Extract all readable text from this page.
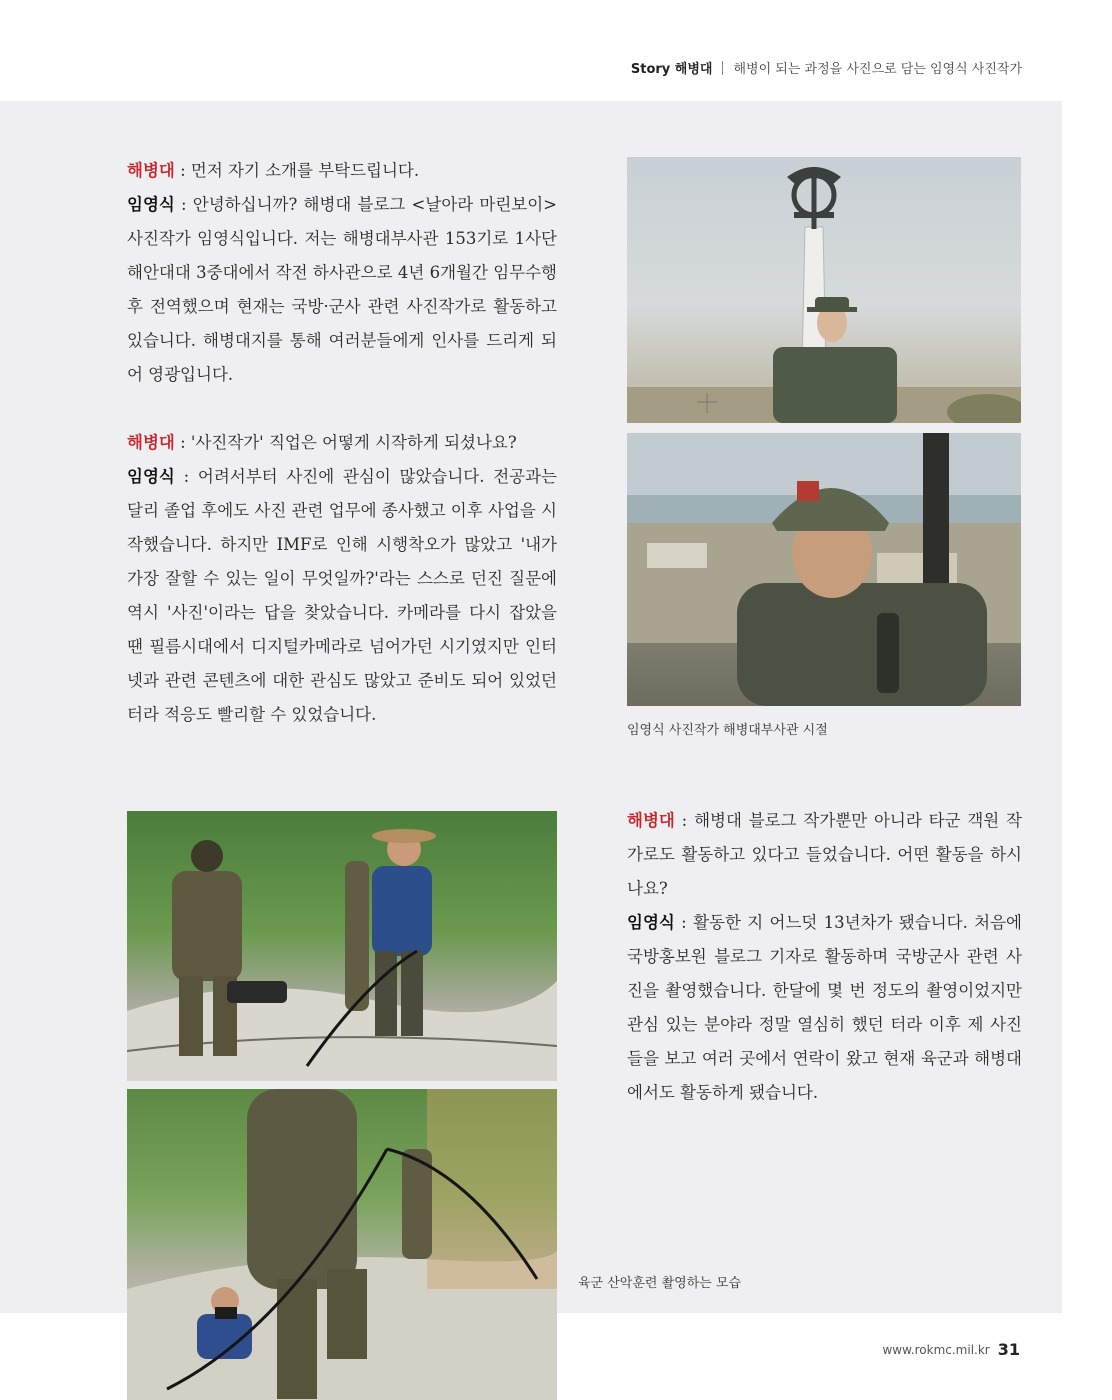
Story 해병대 해병이 되는 과정을 사진으로 담는 임영식 사진작가

해병대 : 먼저 자기 소개를 부탁드립니다.

임영식 : 안녕하십니까? 해병대 블로그 <날아라 마린보이> 사진작가 임영식입니다. 저는 해병대부사관 153기로 1사단 해안대대 3중대에서 작전 하사관으로 4년 6개월간 임무수행 후 전역했으며 현재는 국방·군사 관련 사진작가로 활동하고 있습니다. 해병대지를 통해 여러분들에게 인사를 드리게 되어 영광입니다.

해병대 : '사진작가' 직업은 어떻게 시작하게 되셨나요?

임영식 : 어려서부터 사진에 관심이 많았습니다. 전공과는 달리 졸업 후에도 사진 관련 업무에 종사했고 이후 사업을 시작했습니다. 하지만 IMF로 인해 시행착오가 많았고 '내가 가장 잘할 수 있는 일이 무엇일까?'라는 스스로 던진 질문에 역시 '사진'이라는 답을 찾았습니다. 카메라를 다시 잡았을 땐 필름시대에서 디지털카메라로 넘어가던 시기였지만 인터넷과 관련 콘텐츠에 대한 관심도 많았고 준비도 되어 있었던 터라 적응도 빨리할 수 있었습니다.

임영식 사진작가 해병대부사관 시절
육군 산악훈련 촬영하는 모습

해병대 : 해병대 블로그 작가뿐만 아니라 타군 객원 작가로도 활동하고 있다고 들었습니다. 어떤 활동을 하시나요?

임영식 : 활동한 지 어느덧 13년차가 됐습니다. 처음에 국방홍보원 블로그 기자로 활동하며 국방군사 관련 사진을 촬영했습니다. 한달에 몇 번 정도의 촬영이었지만 관심 있는 분야라 정말 열심히 했던 터라 이후 제 사진들을 보고 여러 곳에서 연락이 왔고 현재 육군과 해병대에서도 활동하게 됐습니다.

www.rokmc.mil.kr 31
